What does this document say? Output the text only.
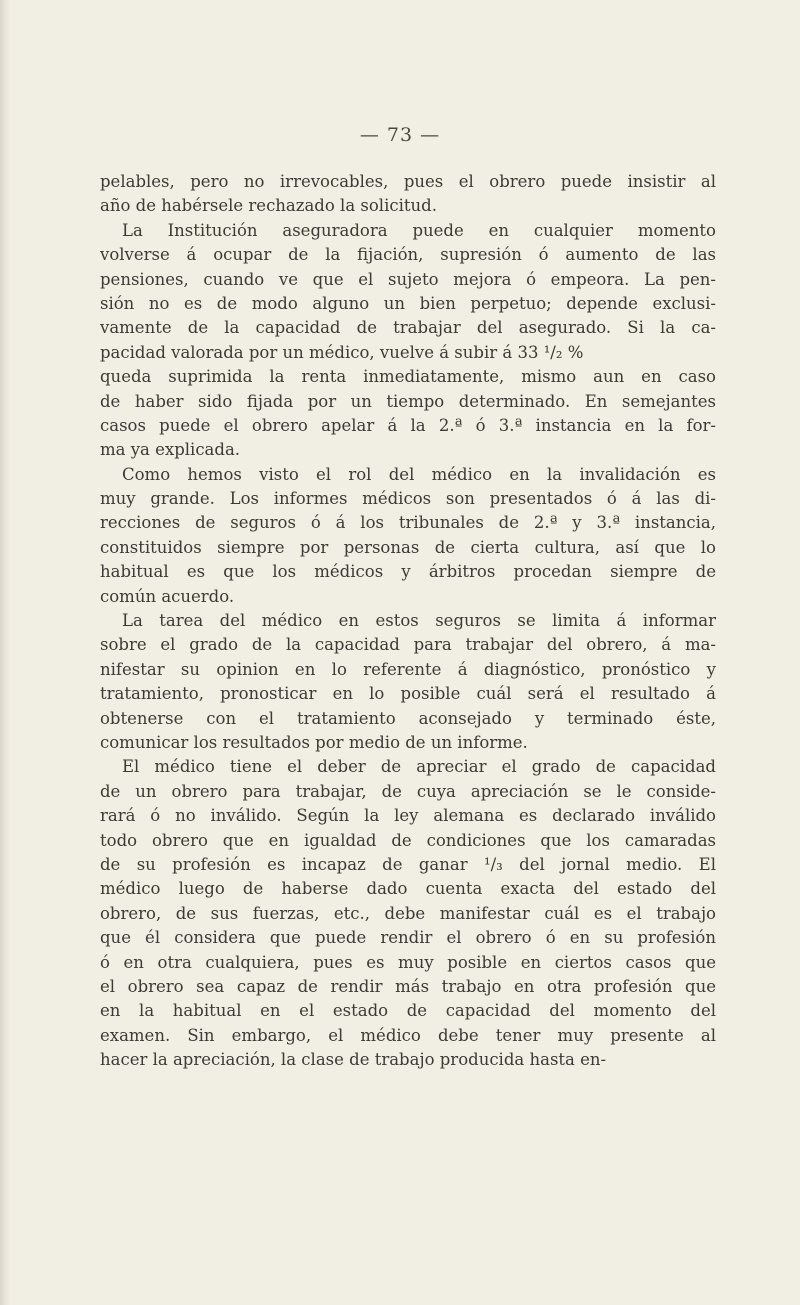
— 73 —
pelables, pero no irrevocables, pues el obrero puede insistir al
año de habérsele rechazado la solicitud.
La Institución aseguradora puede en cualquier momento
volverse á ocupar de la fijación, supresión ó aumento de las
pensiones, cuando ve que el sujeto mejora ó empeora. La pen-
sión no es de modo alguno un bien perpetuo; depende exclusi-
vamente de la capacidad de trabajar del asegurado. Si la ca-
pacidad valorada por un médico, vuelve á subir á 33 ¹/₂ %
queda suprimida la renta inmediatamente, mismo aun en caso
de haber sido fijada por un tiempo determinado. En semejantes
casos puede el obrero apelar á la 2.ª ó 3.ª instancia en la for-
ma ya explicada.
Como hemos visto el rol del médico en la invalidación es
muy grande. Los informes médicos son presentados ó á las di-
recciones de seguros ó á los tribunales de 2.ª y 3.ª instancia,
constituidos siempre por personas de cierta cultura, así que lo
habitual es que los médicos y árbitros procedan siempre de
común acuerdo.
La tarea del médico en estos seguros se limita á informar
sobre el grado de la capacidad para trabajar del obrero, á ma-
nifestar su opinion en lo referente á diagnóstico, pronóstico y
tratamiento, pronosticar en lo posible cuál será el resultado á
obtenerse con el tratamiento aconsejado y terminado éste,
comunicar los resultados por medio de un informe.
El médico tiene el deber de apreciar el grado de capacidad
de un obrero para trabajar, de cuya apreciación se le conside-
rará ó no inválido. Según la ley alemana es declarado inválido
todo obrero que en igualdad de condiciones que los camaradas
de su profesión es incapaz de ganar ¹/₃ del jornal medio. El
médico luego de haberse dado cuenta exacta del estado del
obrero, de sus fuerzas, etc., debe manifestar cuál es el trabajo
que él considera que puede rendir el obrero ó en su profesión
ó en otra cualquiera, pues es muy posible en ciertos casos que
el obrero sea capaz de rendir más trabajo en otra profesión que
en la habitual en el estado de capacidad del momento del
examen. Sin embargo, el médico debe tener muy presente al
hacer la apreciación, la clase de trabajo producida hasta en-
